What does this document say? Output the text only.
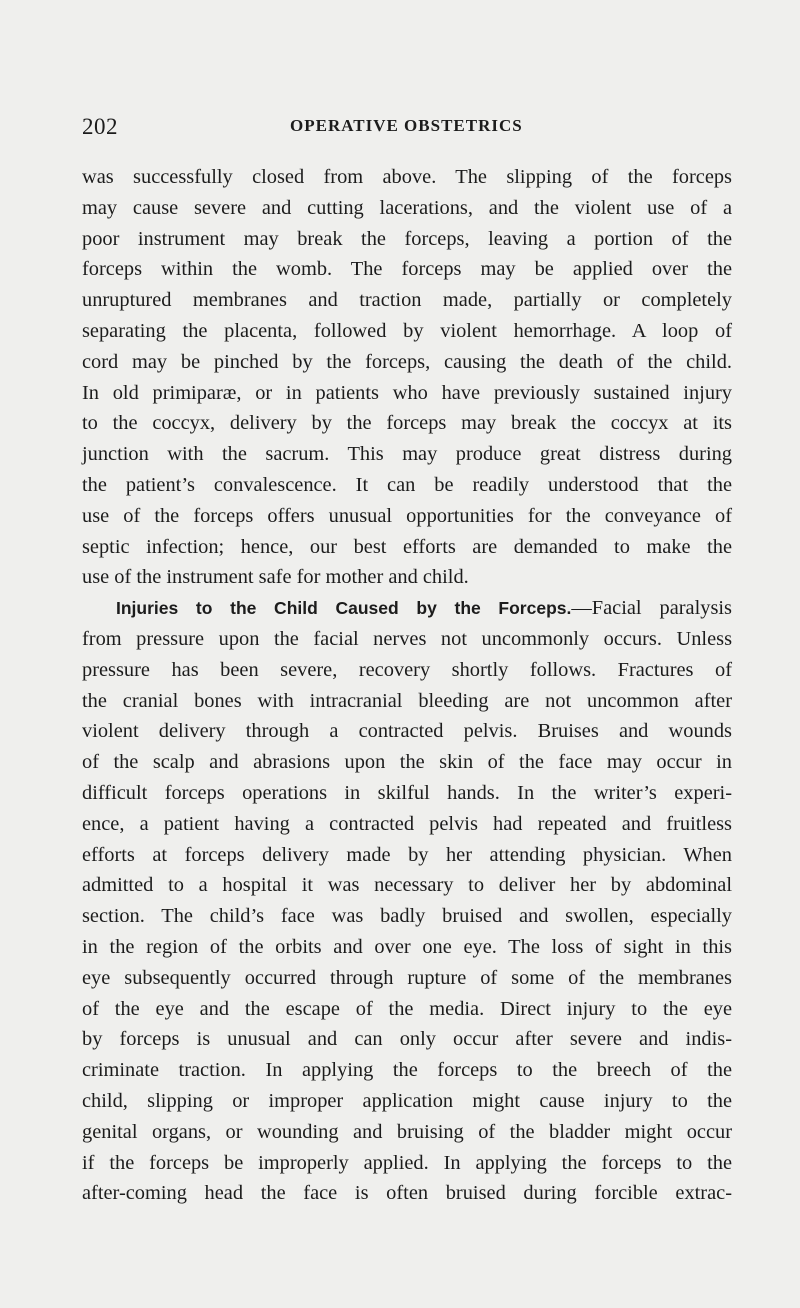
202	OPERATIVE OBSTETRICS
was successfully closed from above. The slipping of the forceps
may cause severe and cutting lacerations, and the violent use of a
poor instrument may break the forceps, leaving a portion of the
forceps within the womb. The forceps may be applied over the
unruptured membranes and traction made, partially or completely
separating the placenta, followed by violent hemorrhage. A loop of
cord may be pinched by the forceps, causing the death of the child.
In old primiparæ, or in patients who have previously sustained injury
to the coccyx, delivery by the forceps may break the coccyx at its
junction with the sacrum. This may produce great distress during
the patient’s convalescence. It can be readily understood that the
use of the forceps offers unusual opportunities for the conveyance of
septic infection; hence, our best efforts are demanded to make the
use of the instrument safe for mother and child.
Injuries to the Child Caused by the Forceps.—Facial paralysis
from pressure upon the facial nerves not uncommonly occurs. Unless
pressure has been severe, recovery shortly follows. Fractures of
the cranial bones with intracranial bleeding are not uncommon after
violent delivery through a contracted pelvis. Bruises and wounds
of the scalp and abrasions upon the skin of the face may occur in
difficult forceps operations in skilful hands. In the writer’s experi-
ence, a patient having a contracted pelvis had repeated and fruitless
efforts at forceps delivery made by her attending physician. When
admitted to a hospital it was necessary to deliver her by abdominal
section. The child’s face was badly bruised and swollen, especially
in the region of the orbits and over one eye. The loss of sight in this
eye subsequently occurred through rupture of some of the membranes
of the eye and the escape of the media. Direct injury to the eye
by forceps is unusual and can only occur after severe and indis-
criminate traction. In applying the forceps to the breech of the
child, slipping or improper application might cause injury to the
genital organs, or wounding and bruising of the bladder might occur
if the forceps be improperly applied. In applying the forceps to the
after-coming head the face is often bruised during forcible extrac-
